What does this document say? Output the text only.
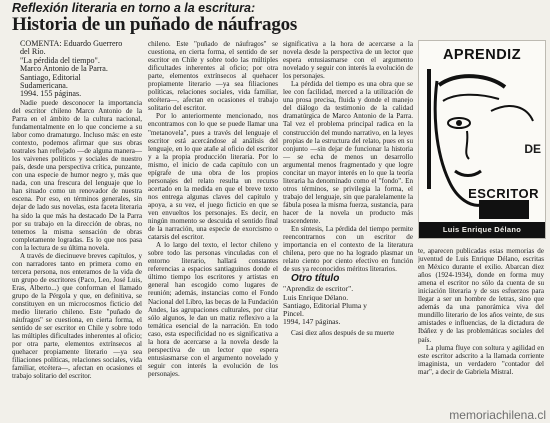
Reflexión literaria en torno a la escritura:
Historia de un puñado de náufragos

COMENTA: Eduardo Guerrero
del Río.
"La pérdida del tiempo".
Marco Antonio de la Parra.
Santiago, Editorial
Sudamericana.
1994. 155 páginas.

Nadie puede desconocer la importancia del escritor chileno Marco Antonio de la Parra en el ámbito de la cultura nacional, fundamentalmente en lo que concierne a su labor como dramaturgo. Incluso más: en este contexto, podemos afirmar que sus obras teatrales han reflejado —de alguna manera— los vaivenes políticos y sociales de nuestro país, desde una perspectiva crítica, punzante, con una especie de humor negro y, más que nada, con una frescura del lenguaje que lo han situado como un renovador de nuestra escena. Por eso, en términos generales, sin dejar de lado sus novelas, esta faceta literaria ha sido la que más ha destacado De la Parra por su trabajo en la dirección de obras, no tenemos la misma sensación de obras completamente logradas. Es lo que nos pasa con la lectura de su última novela.

A través de diecinueve breves capítulos, y con narradores tanto en primera como en tercera persona, nos enteramos de la vida de un grupo de escritores (Paco, Leo, José Luis, Eras, Alberto...) que conforman el llamado grupo de la Pérgola y que, en definitiva, se constituyen en un microcosmos ficticio del medio literario chileno. Este "puñado de náufragos" se cuestiona, en cierta forma, el sentido de ser escritor en Chile y sobre todo las múltiples dificultades inherentes al oficio; por otra parte, elementos extrínsecos al quehacer propiamente literario —ya sea filiaciones políticas, relaciones sociales, vida familiar, etcétera—, afectan en ocasiones el trabajo solitario del escritor.

chileno. Este "puñado de náufragos" se cuestiona, en cierta forma, el sentido de ser escritor en Chile y sobre todo las múltiples dificultades inherentes al oficio; por otra parte, elementos extrínsecos al quehacer propiamente literario —ya sea filiaciones políticas, relaciones sociales, vida familiar, etcétera—, afectan en ocasiones el trabajo solitario del escritor.

Por lo anteriormente mencionado, nos encontramos con lo que se puede llamar una "metanovela", pues a través del lenguaje el escritor está acercándose al análisis del lenguaje, en lo que atañe al oficio del escritor y a la propia producción literaria. Por lo mismo, el inicio de cada capítulo con un epígrafe de una obra de los propios personajes del relato resulta un recurso acertado en la medida en que el breve texto nos entrega algunas claves del capítulo y apoya, a su vez, el juego ficticio en que se ven envueltos los personajes. Es decir, en ningún momento se descuida el sentido final de la narración, una especie de exorcismo o catarsis del escritor.

A lo largo del texto, el lector chileno y sobre todo las personas vinculadas con el entorno literario, hallará constantes referencias a espacios santiaguinos donde el último tiempo los escritores y artistas en general han escogido como lugares de reunión; además, instancias como el Fondo Nacional del Libro, las becas de la Fundación Andes, las agrupaciones culturales, por citar sólo algunos, le dan un matiz reflexivo a la temática esencial de la narración. En todo caso, esta especificidad no es significativa a la hora de acercarse a la novela desde la perspectiva de un lector que espera entusiasmarse con el argumento novelado y seguir con interés la evolución de los personajes.

significativa a la hora de acercarse a la novela desde la perspectiva de un lector que espera entusiasmarse con el argumento novelado y seguir con interés la evolución de los personajes.

La pérdida del tiempo es una obra que se lee con facilidad, merced a la utilización de una prosa precisa, fluida y donde el manejo del diálogo da testimonio de la calidad dramatúrgica de Marco Antonio de la Parra. Tal vez el problema principal radica en la construcción del mundo narrativo, en la leyes propias de la estructura del relato, pues en su conjunto —sin dejar de funcionar la historia— se echa de menos un desarrollo argumental menos fragmentado y que logre concitar un mayor interés en lo que la teoría literaria ha denominado como el "fondo". En otros términos, se privilegia la forma, el trabajo del lenguaje, sin que paralelamente la fábula posea la misma fuerza, sustancia, para hacer de la novela un producto más trascendente.

En síntesis, La pérdida del tiempo permite reencontrarnos con un escritor de importancia en el contexto de la literatura chilena, pero que no ha logrado plasmar un relato ciento por ciento efectivo en función de sus ya reconocidos méritos literarios.

Otro título

"Aprendiz de escritor".
Luis Enrique Délano.
Santiago, Editorial Pluma y
Pincel.
1994, 147 páginas.

Casi diez años después de su muerte

APRENDIZ
DE
ESCRITOR
Luis Enrique Délano

te, aparecen publicadas estas memorias de juventud de Luis Enrique Délano, escritas en México durante el exilio. Abarcan diez años (1924-1934), donde en forma muy amena el escritor no sólo da cuenta de su iniciación literaria y de sus esfuerzos para llegar a ser un hombre de letras, sino que además da una panorámica viva del mundillo literario de los años veinte, de sus amistades e influencias, de la dictadura de Ibáñez y de las problemáticas sociales del país.

La pluma fluye con soltura y agilidad en este escritor adscrito a la llamada corriente imaginista, un verdadero "contador del mar", a decir de Gabriela Mistral.

memoriachilena.cl
